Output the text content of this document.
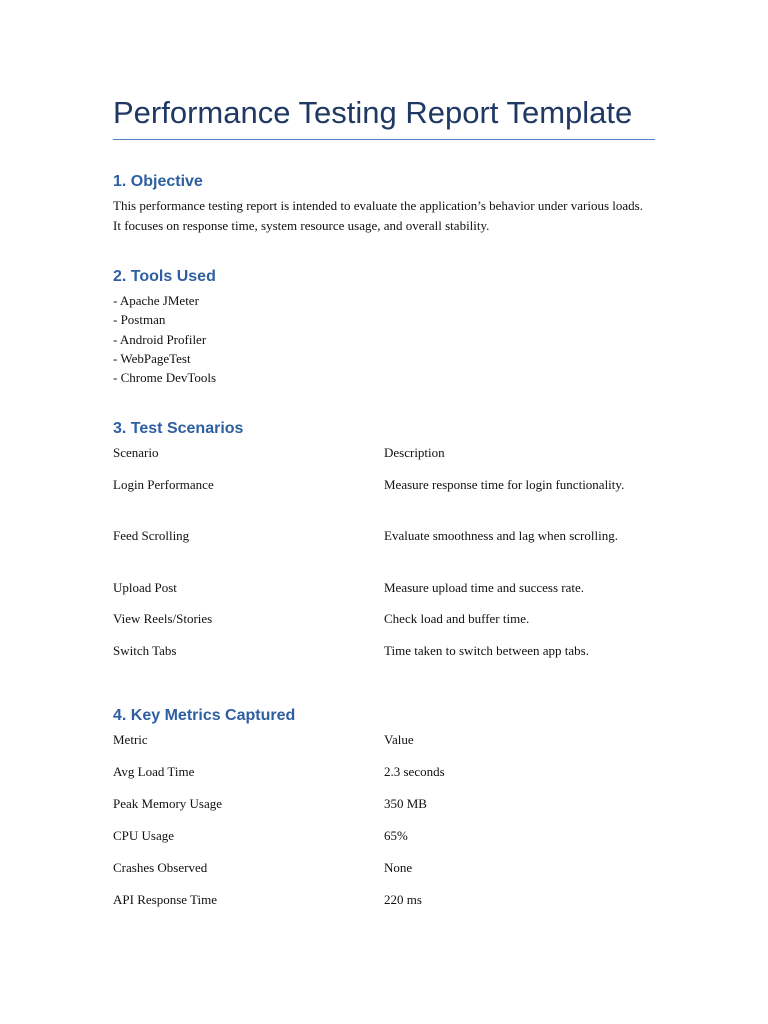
Performance Testing Report Template
1. Objective

This performance testing report is intended to evaluate the application’s behavior under various loads. It focuses on response time, system resource usage, and overall stability.

2. Tools Used
- Apache JMeter
- Postman
- Android Profiler
- WebPageTest
- Chrome DevTools
3. Test Scenarios
Scenario	Description
Login Performance	Measure response time for login functionality.
Feed Scrolling	Evaluate smoothness and lag when scrolling.
Upload Post	Measure upload time and success rate.
View Reels/Stories	Check load and buffer time.
Switch Tabs	Time taken to switch between app tabs.
4. Key Metrics Captured
Metric	Value
Avg Load Time	2.3 seconds
Peak Memory Usage	350 MB
CPU Usage	65%
Crashes Observed	None
API Response Time	220 ms
